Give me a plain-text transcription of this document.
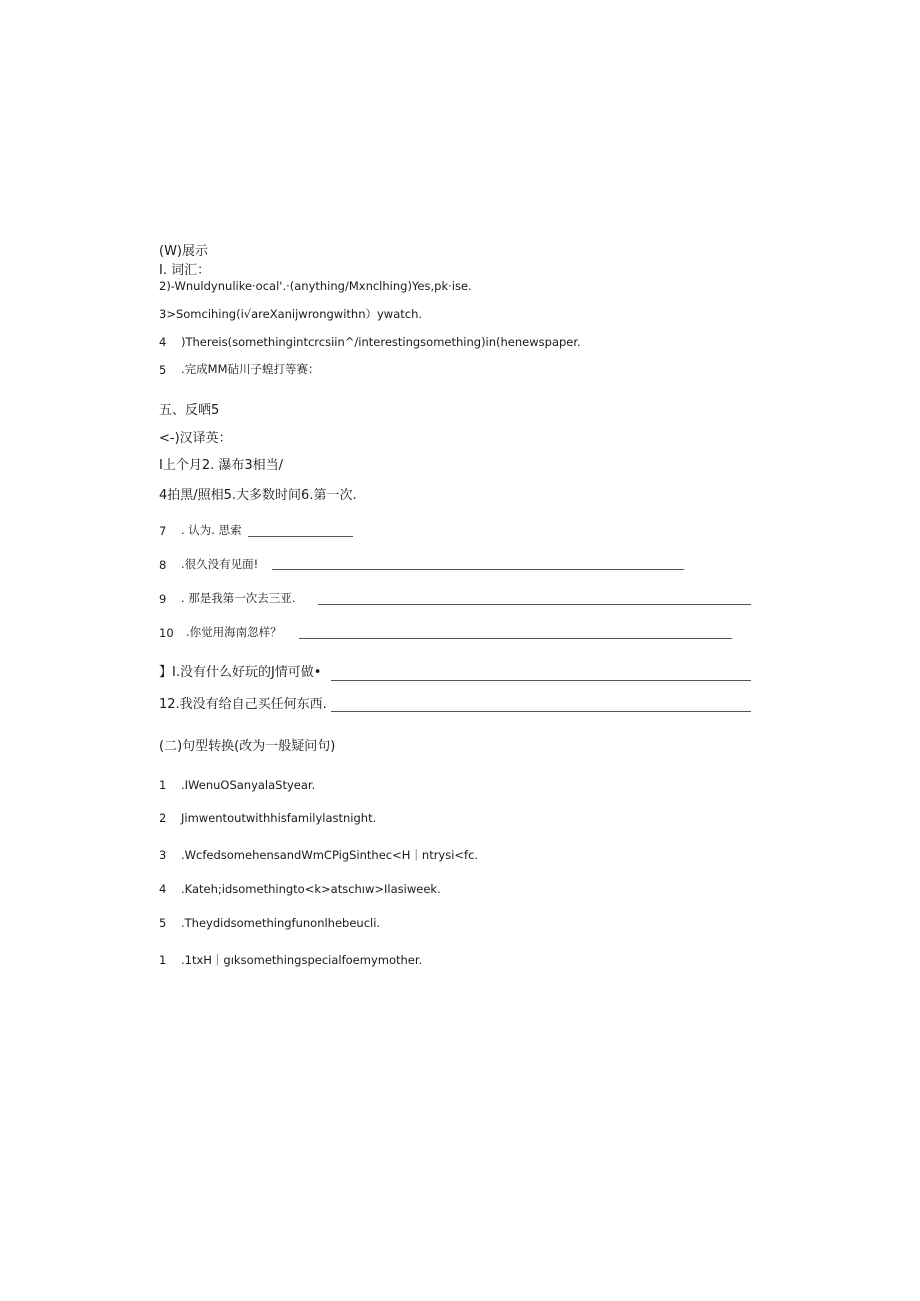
(W)展示
I. 词汇：
2)-Wnuldynulike·ocal'.·(anything/Mxnclhing)Yes,pk·ise.
3>Somcihing(i√areXanijwrongwithn）ywatch.
4 )Thereis(somethingintcrcsiin^/interestingsomething)in(henewspaper.
5 .完成MM砧川子蝗打等赛：
五、反哂5
<-)汉译英：
I上个月2. 瀑布3相当/
4拍黑/照相5.大多数时间6.第一次.
7 . 认为. 思索
8 .很久没有见面!
9 . 那是我第一次去三亚.
10 .你觉用海南忽样？
】I.没有什么好玩的J情可做•
12.我没有给自己买任何东西.
(二)句型转换(改为一般疑问句)
1 .IWenuOSanyalaStyear.
2 Jimwentoutwithhisfamilylastnight.
3 .WcfedsomehensandWmCPigSinthec<H｜ntrysi<fc.
4 .Kateh;idsomethingto<k>atschıw>Ilasiweek.
5 .Theydidsomethingfunonlhebeucli.
1 .1txH｜gıksomethingspecialfoemymother.
